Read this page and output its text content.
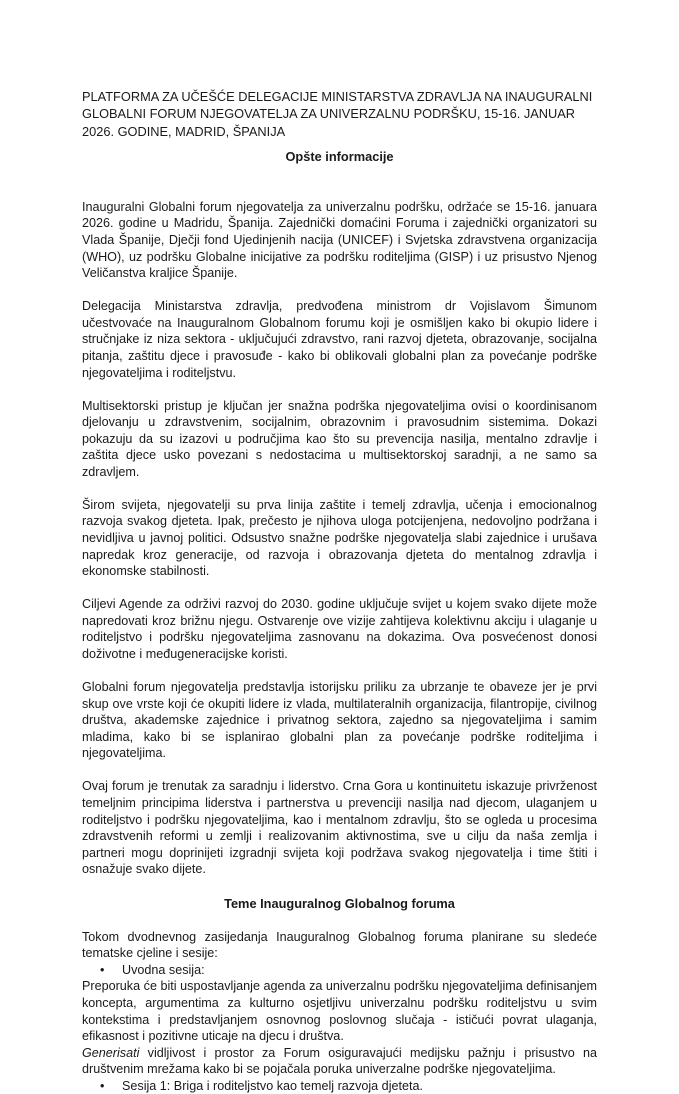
PLATFORMA ZA UČEŠĆE DELEGACIJE MINISTARSTVA ZDRAVLJA NA INAUGURALNI GLOBALNI FORUM NJEGOVATELJA ZA UNIVERZALNU PODRŠKU, 15-16. JANUAR 2026. GODINE, MADRID, ŠPANIJA
Opšte informacije

Inauguralni Globalni forum njegovatelja za univerzalnu podršku, održaće se 15-16. januara 2026. godine u Madridu, Španija. Zajednički domaćini Foruma i zajednički organizatori su Vlada Španije, Dječji fond Ujedinjenih nacija (UNICEF) i Svjetska zdravstvena organizacija (WHO), uz podršku Globalne inicijative za podršku roditeljima (GISP) i uz prisustvo Njenog Veličanstva kraljice Španije.

Delegacija Ministarstva zdravlja, predvođena ministrom dr Vojislavom Šimunom učestvovaće na Inauguralnom Globalnom forumu koji je osmišljen kako bi okupio lidere i stručnjake iz niza sektora - uključujući zdravstvo, rani razvoj djeteta, obrazovanje, socijalna pitanja, zaštitu djece i pravosuđe - kako bi oblikovali globalni plan za povećanje podrške njegovateljima i roditeljstvu.

Multisektorski pristup je ključan jer snažna podrška njegovateljima ovisi o koordinisanom djelovanju u zdravstvenim, socijalnim, obrazovnim i pravosudnim sistemima. Dokazi pokazuju da su izazovi u područjima kao što su prevencija nasilja, mentalno zdravlje i zaštita djece usko povezani s nedostacima u multisektorskoj saradnji, a ne samo sa zdravljem.

Širom svijeta, njegovatelji su prva linija zaštite i temelj zdravlja, učenja i emocionalnog razvoja svakog djeteta. Ipak, prečesto je njihova uloga potcijenjena, nedovoljno podržana i nevidljiva u javnoj politici. Odsustvo snažne podrške njegovatelja slabi zajednice i urušava napredak kroz generacije, od razvoja i obrazovanja djeteta do mentalnog zdravlja i ekonomske stabilnosti.

Ciljevi Agende za održivi razvoj do 2030. godine uključuje svijet u kojem svako dijete može napredovati kroz brižnu njegu. Ostvarenje ove vizije zahtijeva kolektivnu akciju i ulaganje u roditeljstvo i podršku njegovateljima zasnovanu na dokazima. Ova posvećenost donosi doživotne i međugeneracijske koristi.

Globalni forum njegovatelja predstavlja istorijsku priliku za ubrzanje te obaveze jer je prvi skup ove vrste koji će okupiti lidere iz vlada, multilateralnih organizacija, filantropije, civilnog društva, akademske zajednice i privatnog sektora, zajedno sa njegovateljima i samim mladima, kako bi se isplanirao globalni plan za povećanje podrške roditeljima i njegovateljima.

Ovaj forum je trenutak za saradnju i liderstvo. Crna Gora u kontinuitetu iskazuje privrženost temeljnim principima liderstva i partnerstva u prevenciji nasilja nad djecom, ulaganjem u roditeljstvo i podršku njegovateljima, kao i mentalnom zdravlju, što se ogleda u procesima zdravstvenih reformi u zemlji i realizovanim aktivnostima, sve u cilju da naša zemlja i partneri mogu doprinijeti izgradnji svijeta koji podržava svakog njegovatelja i time štiti i osnažuje svako dijete.

Teme Inauguralnog Globalnog foruma

Tokom dvodnevnog zasijedanja Inauguralnog Globalnog foruma planirane su sledeće tematske cjeline i sesije:

• Uvodna sesija:

Preporuka će biti uspostavljanje agenda za univerzalnu podršku njegovateljima definisanjem koncepta, argumentima za kulturno osjetljivu univerzalnu podršku roditeljstvu u svim kontekstima i predstavljanjem osnovnog poslovnog slučaja - ističući povrat ulaganja, efikasnost i pozitivne uticaje na djecu i društva.

Generisati vidljivost i prostor za Forum osiguravajući medijsku pažnju i prisustvo na društvenim mrežama kako bi se pojačala poruka univerzalne podrške njegovateljima.

• Sesija 1: Briga i roditeljstvo kao temelj razvoja djeteta.
